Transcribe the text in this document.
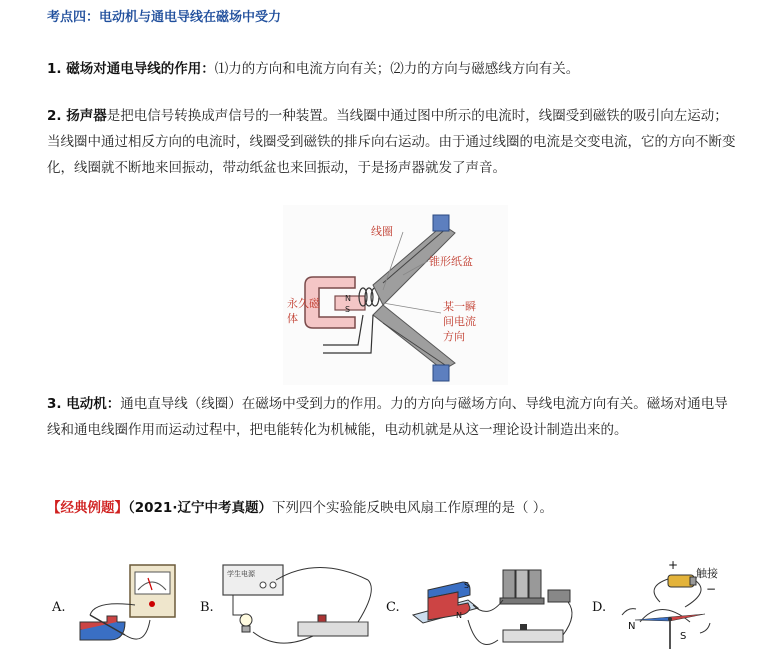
考点四：电动机与通电导线在磁场中受力
1. 磁场对通电导线的作用：⑴力的方向和电流方向有关；⑵力的方向与磁感线方向有关。
2. 扬声器是把电信号转换成声信号的一种装置。当线圈中通过图中所示的电流时，线圈受到磁铁的吸引向左运动；当线圈中通过相反方向的电流时，线圈受到磁铁的排斥向右运动。由于通过线圈的电流是交变电流，它的方向不断变化，线圈就不断地来回振动，带动纸盆也来回振动，于是扬声器就发了声音。
N
S
线圈
锥形纸盆
永久磁
体
某一瞬
间电流
方向
3. 电动机：通电直导线（线圈）在磁场中受到力的作用。力的方向与磁场方向、导线电流方向有关。磁场对通电导线和通电线圈作用而运动过程中，把电能转化为机械能，电动机就是从这一理论设计制造出来的。
【经典例题】（2021·辽宁中考真题）下列四个实验能反映电风扇工作原理的是（ ）。
A.	B.
学生电源
C.
S
N
D.
+
触接
−
N
S
